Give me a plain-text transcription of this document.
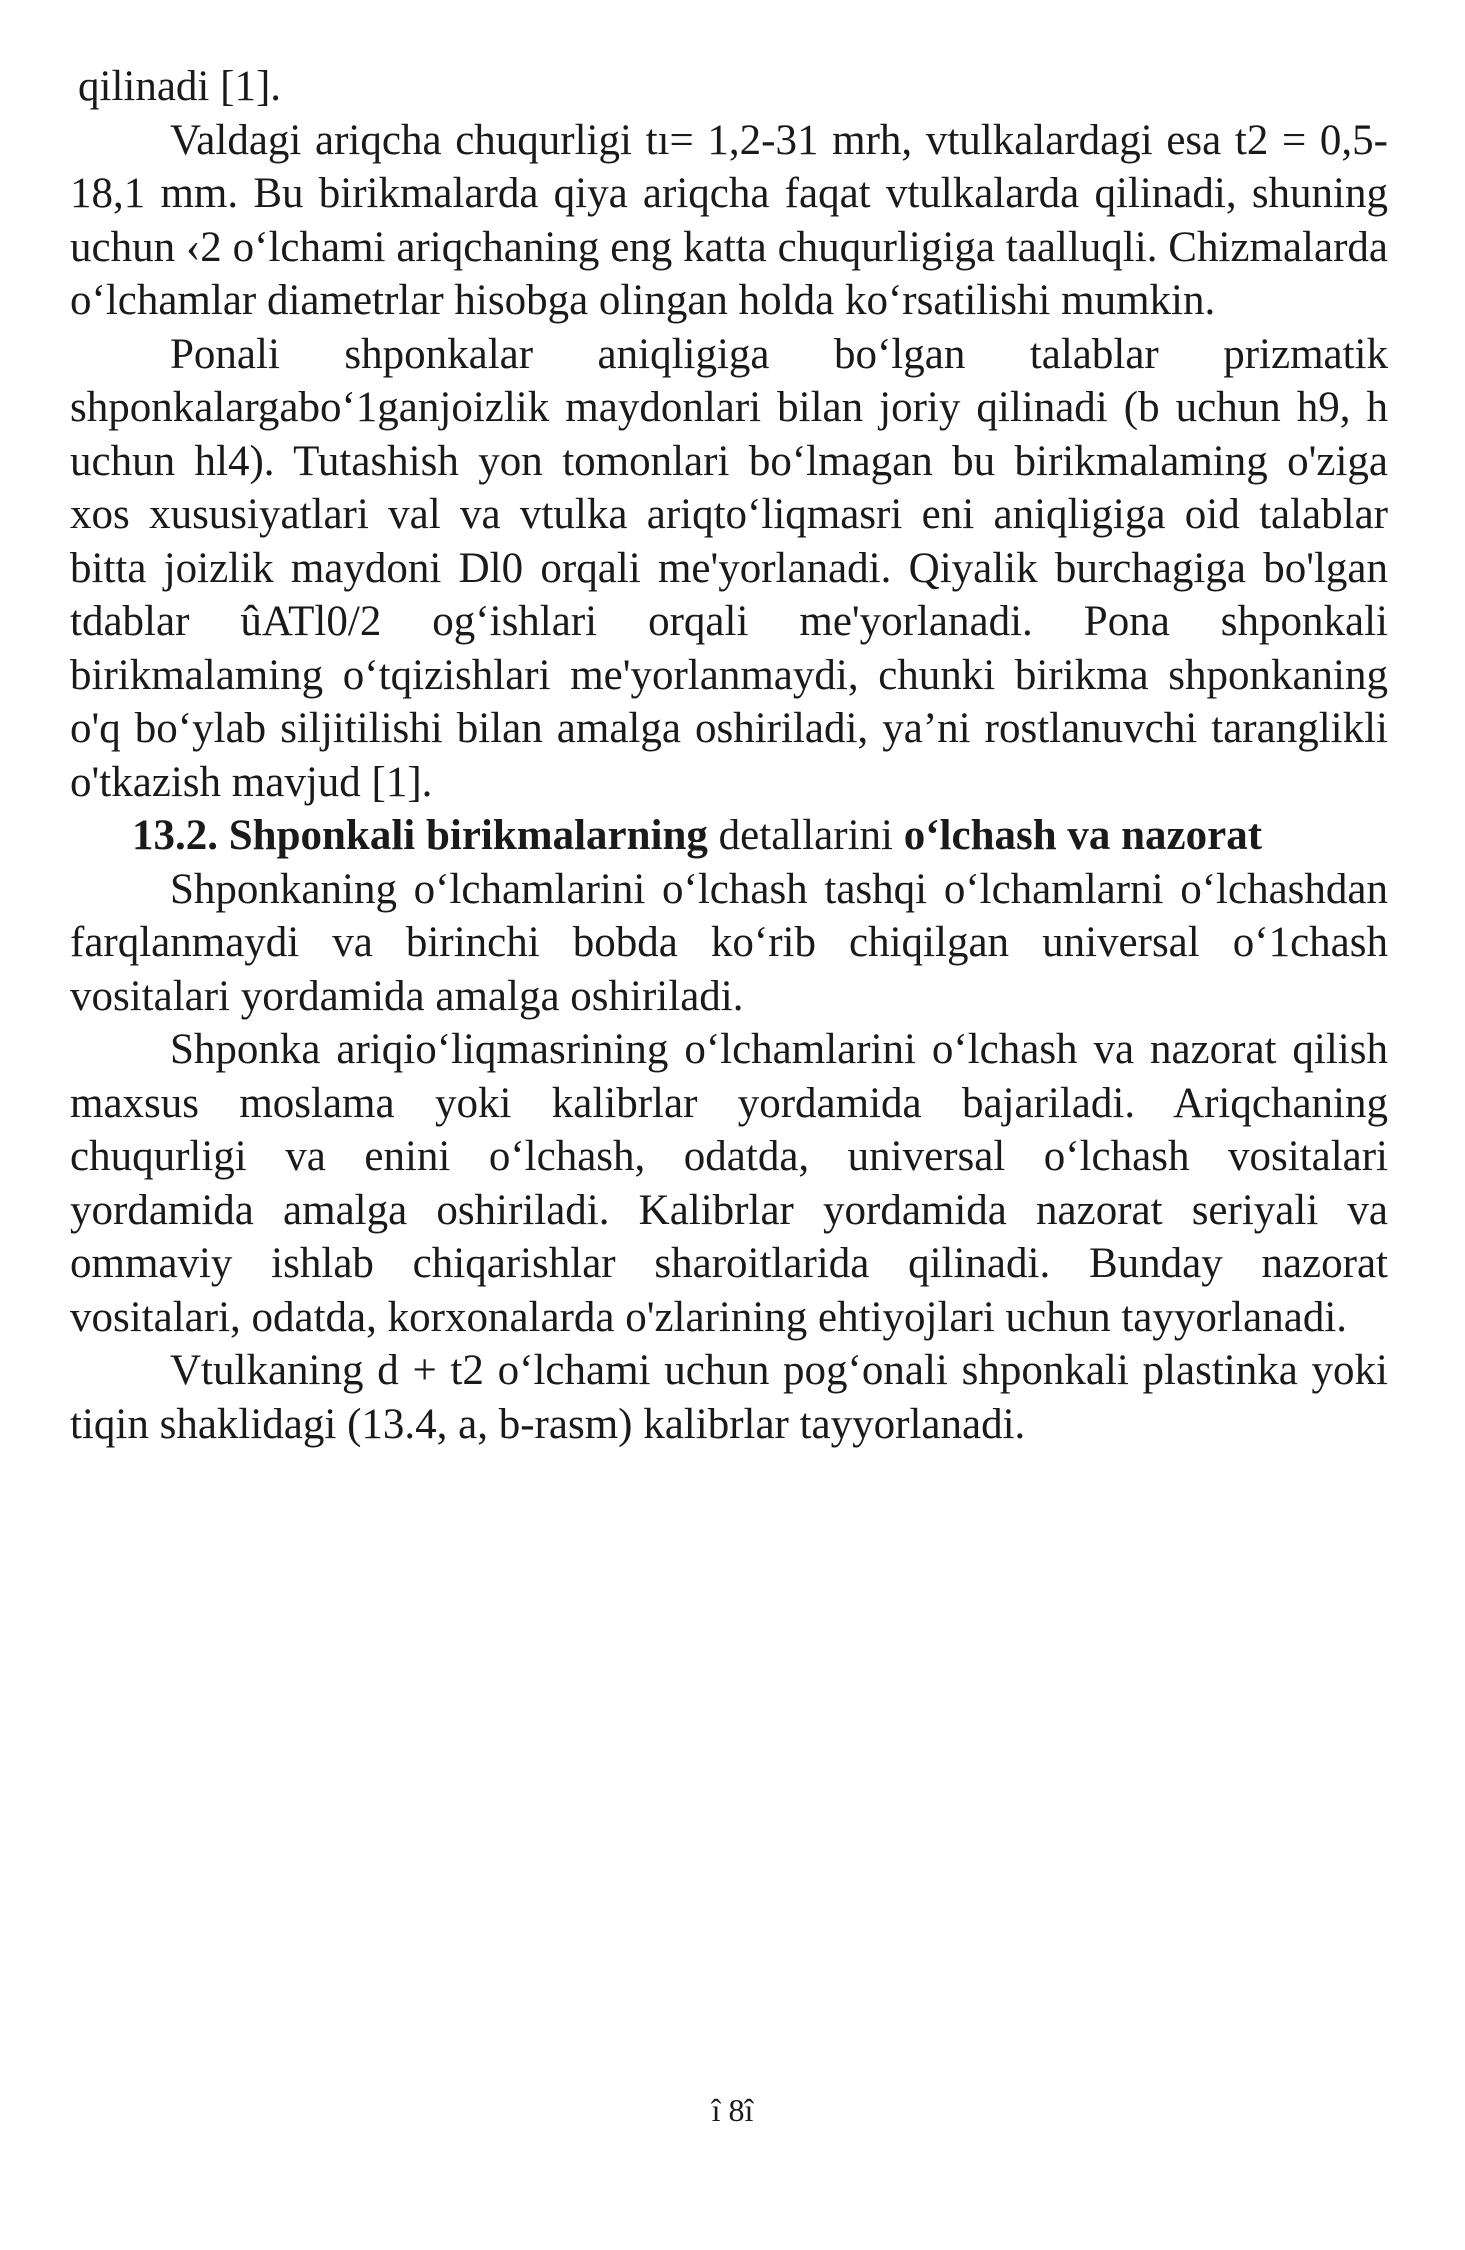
qilinadi [1].

Valdagi ariqcha chuqurligi tı= 1,2-31 mrh, vtulkalardagi esa t2 = 0,5-18,1 mm. Bu birikmalarda qiya ariqcha faqat vtulkalarda qilinadi, shuning uchun ‹2 o‘lchami ariqchaning eng katta chuqurligiga taalluqli. Chizmalarda o‘lchamlar diametrlar hisobga olingan holda ko‘rsatilishi mumkin.

Ponali shponkalar aniqligiga bo‘lgan talablar prizmatik shponkalargabo‘1ganjoizlik maydonlari bilan joriy qilinadi (b uchun h9, h uchun hl4). Tutashish yon tomonlari bo‘lmagan bu birikmalaming o'ziga xos xususiyatlari val va vtulka ariqto‘liqmasri eni aniqligiga oid talablar bitta joizlik maydoni Dl0 orqali me'yorlanadi. Qiyalik burchagiga bo'lgan tdablar ûATl0/2 og‘ishlari orqali me'yorlanadi. Pona shponkali birikmalaming o‘tqizishlari me'yorlanmaydi, chunki birikma shponkaning o'q bo‘ylab siljitilishi bilan amalga oshiriladi, ya’ni rostlanuvchi taranglikli o'tkazish mavjud [1].

13.2. Shponkali birikmalarning detallarini o‘lchash va nazorat

Shponkaning o‘lchamlarini o‘lchash tashqi o‘lchamlarni o‘lchashdan farqlanmaydi va birinchi bobda ko‘rib chiqilgan universal o‘1chash vositalari yordamida amalga oshiriladi.

Shponka ariqio‘liqmasrining o‘lchamlarini o‘lchash va nazorat qilish maxsus moslama yoki kalibrlar yordamida bajariladi. Ariqchaning chuqurligi va enini o‘lchash, odatda, universal o‘lchash vositalari yordamida amalga oshiriladi. Kalibrlar yordamida nazorat seriyali va ommaviy ishlab chiqarishlar sharoitlarida qilinadi. Bunday nazorat vositalari, odatda, korxonalarda o'zlarining ehtiyojlari uchun tayyorlanadi.

Vtulkaning d + t2 o‘lchami uchun pog‘onali shponkali plastinka yoki tiqin shaklidagi (13.4, a, b-rasm) kalibrlar tayyorlanadi.

î 8î
